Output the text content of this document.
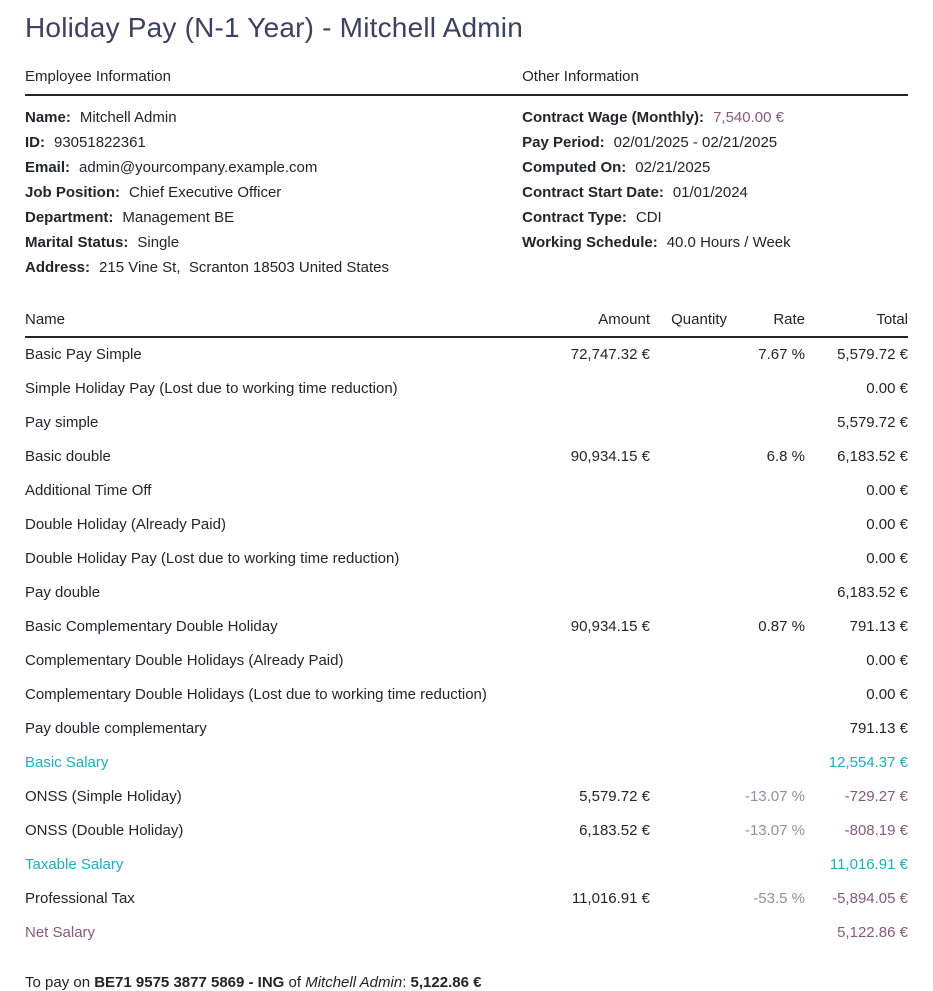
Holiday Pay (N-1 Year) - Mitchell Admin
Employee Information	Other Information
Name: Mitchell Admin
ID: 93051822361
Email: admin@yourcompany.example.com
Job Position: Chief Executive Officer
Department: Management BE
Marital Status: Single
Address: 215 Vine St,  Scranton 18503 United States
Contract Wage (Monthly): 7,540.00 €
Pay Period: 02/01/2025 - 02/21/2025
Computed On: 02/21/2025
Contract Start Date: 01/01/2024
Contract Type: CDI
Working Schedule: 40.0 Hours / Week
Name	Amount	Quantity	Rate	Total
Basic Pay Simple	72,747.32 €		7.67 %	5,579.72 €
Simple Holiday Pay (Lost due to working time reduction)				0.00 €
Pay simple				5,579.72 €
Basic double	90,934.15 €		6.8 %	6,183.52 €
Additional Time Off				0.00 €
Double Holiday (Already Paid)				0.00 €
Double Holiday Pay (Lost due to working time reduction)				0.00 €
Pay double				6,183.52 €
Basic Complementary Double Holiday	90,934.15 €		0.87 %	791.13 €
Complementary Double Holidays (Already Paid)				0.00 €
Complementary Double Holidays (Lost due to working time reduction)				0.00 €
Pay double complementary				791.13 €
Basic Salary				12,554.37 €
ONSS (Simple Holiday)	5,579.72 €		-13.07 %	-729.27 €
ONSS (Double Holiday)	6,183.52 €		-13.07 %	-808.19 €
Taxable Salary				11,016.91 €
Professional Tax	11,016.91 €		-53.5 %	-5,894.05 €
Net Salary				5,122.86 €

To pay on BE71 9575 3877 5869 - ING of Mitchell Admin: 5,122.86 €
